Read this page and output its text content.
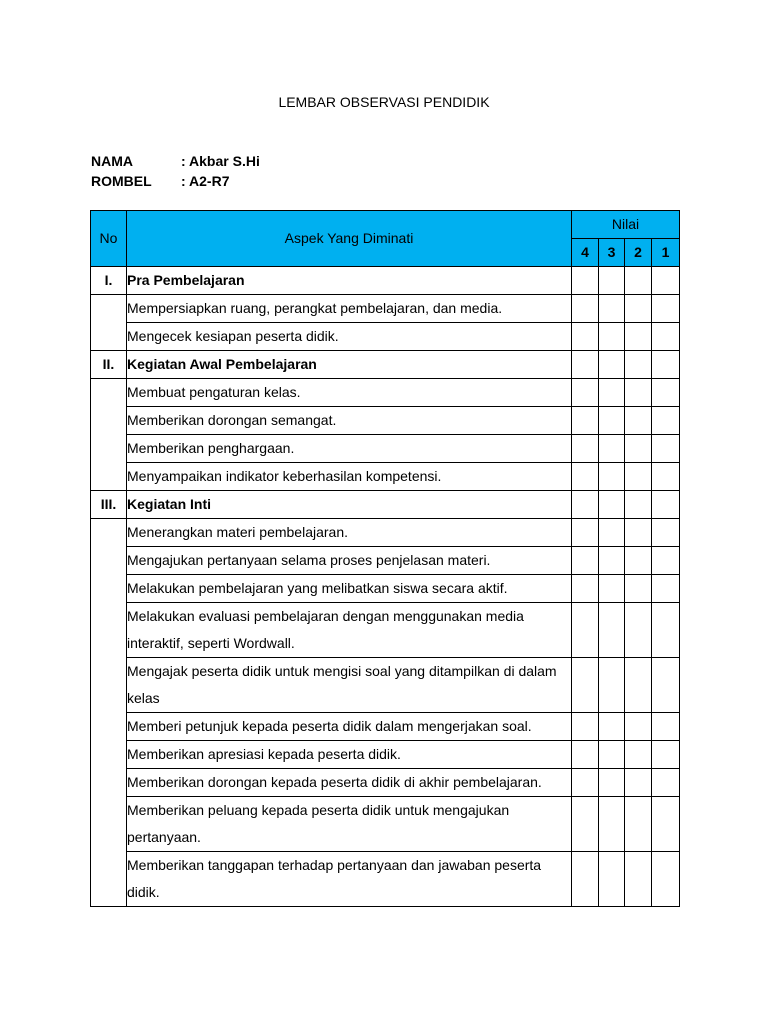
LEMBAR OBSERVASI PENDIDIK
NAMA	: Akbar S.Hi
ROMBEL : A2-R7
No	Aspek Yang Diminati	Nilai			
		4	3	2	1
I.	Pra Pembelajaran				

	Mempersiapkan ruang, perangkat pembelajaran, dan media.				

	Mengecek kesiapan peserta didik.				

II.	Kegiatan Awal Pembelajaran				

	Membuat pengaturan kelas.				

	Memberikan dorongan semangat.				

	Memberikan penghargaan.				

	Menyampaikan indikator keberhasilan kompetensi.				

III.	Kegiatan Inti				

	Menerangkan materi pembelajaran.				

	Mengajukan pertanyaan selama proses penjelasan materi.				

	Melakukan pembelajaran yang melibatkan siswa secara aktif.				

	Melakukan evaluasi pembelajaran dengan menggunakan media interaktif, seperti Wordwall.				

	Mengajak peserta didik untuk mengisi soal yang ditampilkan di dalam kelas				

	Memberi petunjuk kepada peserta didik dalam mengerjakan soal.				

	Memberikan apresiasi kepada peserta didik.				

	Memberikan dorongan kepada peserta didik di akhir pembelajaran.				

	Memberikan peluang kepada peserta didik untuk mengajukan pertanyaan.				

	Memberikan tanggapan terhadap pertanyaan dan jawaban peserta didik.				
